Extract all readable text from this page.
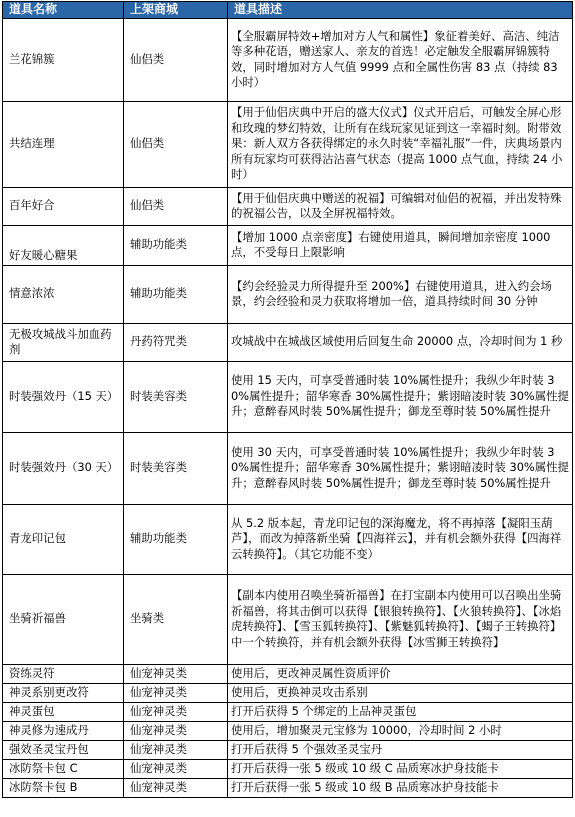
道具名称	上架商城	道具描述
兰花锦簇	仙侣类	【全服霸屏特效+增加对方人气和属性】象征着美好、高洁、纯洁等多种花语，赠送家人、亲友的首选！必定触发全服霸屏锦簇特效，同时增加对方人气值 9999 点和全属性伤害 83 点（持续 83 小时）
共结连理	仙侣类	【用于仙侣庆典中开启的盛大仪式】仪式开启后，可触发全屏心形和玫瑰的梦幻特效，让所有在线玩家见证到这一幸福时刻。附带效果：新人双方各获得绑定的永久时装“幸福礼服”一件，庆典场景内所有玩家均可获得沾沾喜气状态（提高 1000 点气血，持续 24 小时）
百年好合	仙侣类	【用于仙侣庆典中赠送的祝福】可编辑对仙侣的祝福，并出发特殊的祝福公告，以及全屏祝福特效。
好友暖心糖果	辅助功能类	【增加 1000 点亲密度】右键使用道具，瞬间增加亲密度 1000 点，不受每日上限影响
情意浓浓	辅助功能类	【约会经验灵力所得提升至 200%】右键使用道具，进入约会场景，约会经验和灵力获取将增加一倍，道具持续时间 30 分钟
无极攻城战斗加血药剂	丹药符咒类	攻城战中在城战区域使用后回复生命 20000 点，冷却时间为 1 秒
时装强效丹（15 天）	时装美容类	使用 15 天内，可享受普通时装 10%属性提升；我纵少年时装 30%属性提升；韶华寒香 30%属性提升；紫诩暗凌时装 30%属性提升；意醉春风时装 50%属性提升；御龙至尊时装 50%属性提升
时装强效丹（30 天）	时装美容类	使用 30 天内，可享受普通时装 10%属性提升；我纵少年时装 30%属性提升；韶华寒香 30%属性提升；紫诩暗凌时装 30%属性提升；意醉春风时装 50%属性提升；御龙至尊时装 50%属性提升
青龙印记包	辅助功能类	从 5.2 版本起，青龙印记包的深海魔龙，将不再掉落【凝阳玉葫芦】，而改为掉落新坐骑【四海祥云】，并有机会额外获得【四海祥云转换符】。（其它功能不变）
坐骑祈福兽	坐骑类	【副本内使用召唤坐骑祈福兽】在打宝副本内使用可以召唤出坐骑祈福兽，将其击倒可以获得【银狼转换符】、【火狼转换符】、【冰焰虎转换符】、【雪玉狐转换符】、【紫魅狐转换符】、【蝎子王转换符】中一个转换符，并有机会额外获得【冰雪狮王转换符】
资练灵符	仙宠神灵类	使用后，更改神灵属性资质评价
神灵系别更改符	仙宠神灵类	使用后，更换神灵攻击系别
神灵蛋包	仙宠神灵类	打开后获得 5 个绑定的上品神灵蛋包
神灵修为速成丹	仙宠神灵类	使用后，增加聚灵元宝修为 10000，冷却时间 2 小时
强效圣灵宝丹包	仙宠神灵类	打开后获得 5 个强效圣灵宝丹
冰防祭卡包 C	仙宠神灵类	打开后获得一张 5 级或 10 级 C 品质寒冰护身技能卡
冰防祭卡包 B	仙宠神灵类	打开后获得一张 5 级或 10 级 B 品质寒冰护身技能卡
